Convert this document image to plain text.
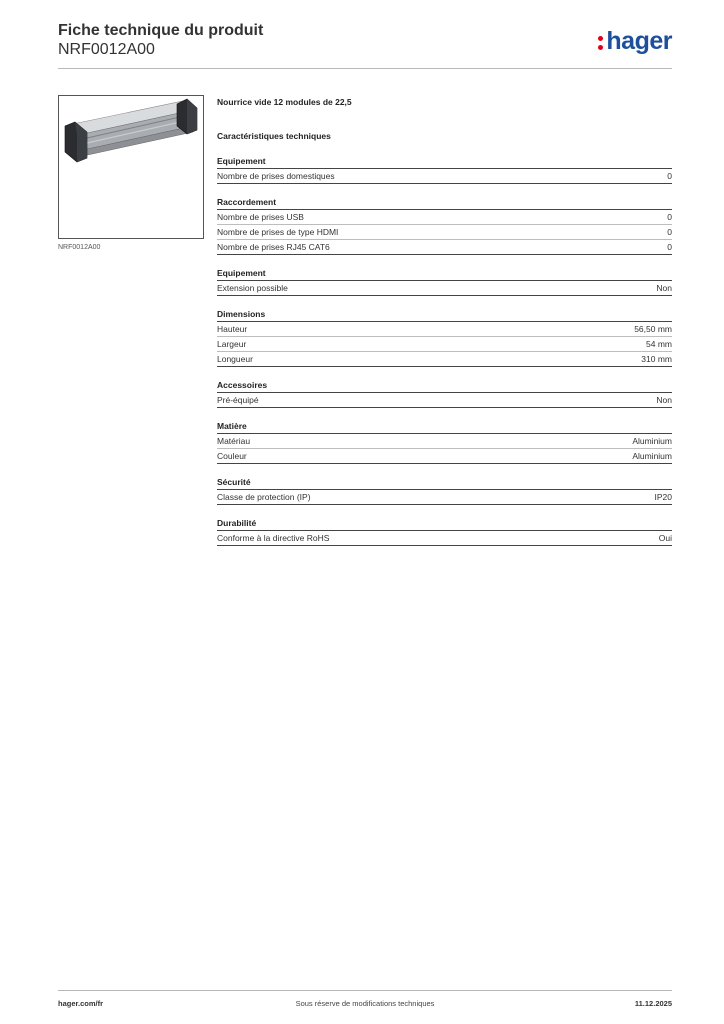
Fiche technique du produit
NRF0012A00	hager
NRF0012A00
Nourrice vide 12 modules de 22,5
Caractéristiques techniques
Equipement
Nombre de prises domestiques	0
Raccordement
Nombre de prises USB	0
Nombre de prises de type HDMI	0
Nombre de prises RJ45 CAT6	0
Equipement
Extension possible	Non
Dimensions
Hauteur	56,50 mm
Largeur	54 mm
Longueur	310 mm
Accessoires
Pré-équipé	Non
Matière
Matériau	Aluminium
Couleur	Aluminium
Sécurité
Classe de protection (IP)	IP20
Durabilité
Conforme à la directive RoHS	Oui
hager.com/fr	Sous réserve de modifications techniques	11.12.2025
